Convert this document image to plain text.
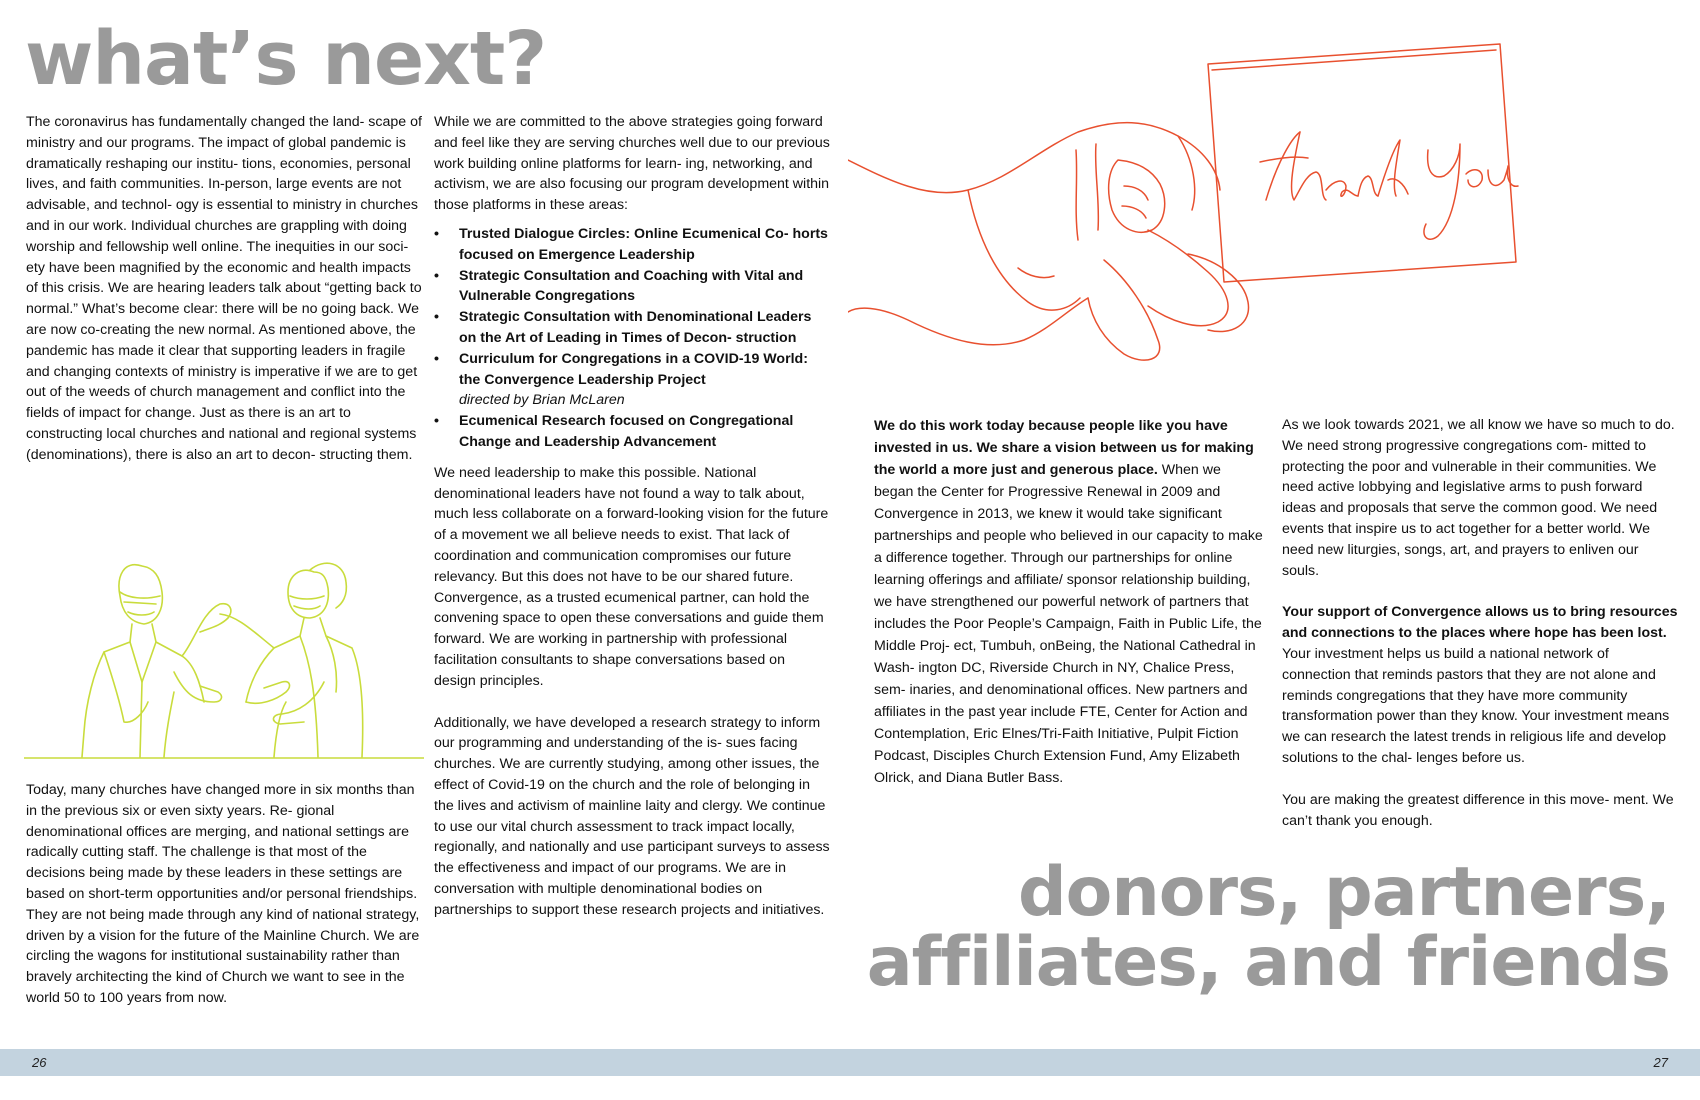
what’s next?

The coronavirus has fundamentally changed the land- scape of ministry and our programs. The impact of global pandemic is dramatically reshaping our institu- tions, economies, personal lives, and faith communities. In-person, large events are not advisable, and technol- ogy is essential to ministry in churches and in our work. Individual churches are grappling with doing worship and fellowship well online. The inequities in our soci- ety have been magnified by the economic and health impacts of this crisis. We are hearing leaders talk about “getting back to normal.” What’s become clear: there will be no going back. We are now co-creating the new normal. As mentioned above, the pandemic has made it clear that supporting leaders in fragile and changing contexts of ministry is imperative if we are to get out of the weeds of church management and conflict into the fields of impact for change. Just as there is an art to constructing local churches and national and regional systems (denominations), there is also an art to decon- structing them.

Today, many churches have changed more in six months than in the previous six or even sixty years. Re- gional denominational offices are merging, and national settings are radically cutting staff. The challenge is that most of the decisions being made by these leaders in these settings are based on short-term opportunities and/or personal friendships. They are not being made through any kind of national strategy, driven by a vision for the future of the Mainline Church. We are circling the wagons for institutional sustainability rather than bravely architecting the kind of Church we want to see in the world 50 to 100 years from now.

While we are committed to the above strategies going forward and feel like they are serving churches well due to our previous work building online platforms for learn- ing, networking, and activism, we are also focusing our program development within those platforms in these areas:

• Trusted Dialogue Circles: Online Ecumenical Co- horts focused on Emergence Leadership
• Strategic Consultation and Coaching with Vital and Vulnerable Congregations
• Strategic Consultation with Denominational Leaders on the Art of Leading in Times of Decon- struction
• Curriculum for Congregations in a COVID-19 World: the Convergence Leadership Project
directed by Brian McLaren
• Ecumenical Research focused on Congregational Change and Leadership Advancement

We need leadership to make this possible. National denominational leaders have not found a way to talk about, much less collaborate on a forward-looking vision for the future of a movement we all believe needs to exist. That lack of coordination and communication compromises our future relevancy. But this does not have to be our shared future. Convergence, as a trusted ecumenical partner, can hold the convening space to open these conversations and guide them forward. We are working in partnership with professional facilitation consultants to shape conversations based on design principles.

Additionally, we have developed a research strategy to inform our programming and understanding of the is- sues facing churches. We are currently studying, among other issues, the effect of Covid-19 on the church and the role of belonging in the lives and activism of mainline laity and clergy. We continue to use our vital church assessment to track impact locally, regionally, and nationally and use participant surveys to assess the effectiveness and impact of our programs. We are in conversation with multiple denominational bodies on partnerships to support these research projects and initiatives.

We do this work today because people like you have invested in us. We share a vision between us for making the world a more just and generous place. When we began the Center for Progressive Renewal in 2009 and Convergence in 2013, we knew it would take significant partnerships and people who believed in our capacity to make a difference together. Through our partnerships for online learning offerings and affiliate/ sponsor relationship building, we have strengthened our powerful network of partners that includes the Poor People’s Campaign, Faith in Public Life, the Middle Proj- ect, Tumbuh, onBeing, the National Cathedral in Wash- ington DC, Riverside Church in NY, Chalice Press, sem- inaries, and denominational offices. New partners and affiliates in the past year include FTE, Center for Action and Contemplation, Eric Elnes/Tri-Faith Initiative, Pulpit Fiction Podcast, Disciples Church Extension Fund, Amy Elizabeth Olrick, and Diana Butler Bass.

As we look towards 2021, we all know we have so much to do. We need strong progressive congregations com- mitted to protecting the poor and vulnerable in their communities. We need active lobbying and legislative arms to push forward ideas and proposals that serve the common good. We need events that inspire us to act together for a better world. We need new liturgies, songs, art, and prayers to enliven our souls.

Your support of Convergence allows us to bring resources and connections to the places where hope has been lost. Your investment helps us build a national network of connection that reminds pastors that they are not alone and reminds congregations that they have more community transformation power than they know. Your investment means we can research the latest trends in religious life and develop solutions to the chal- lenges before us.

You are making the greatest difference in this move- ment. We can’t thank you enough.

donors, partners,
affiliates, and friends
26	27
